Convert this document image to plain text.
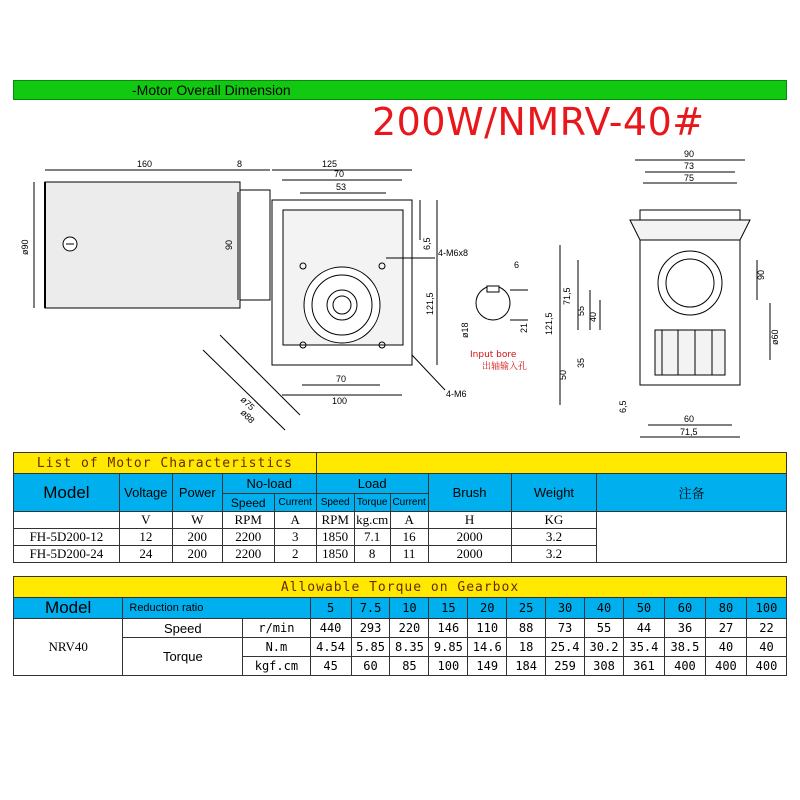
-Motor Overall Dimension
200W/NMRV-40#
160	8	125
70
53
ø90	90	6,5
121,5
4-M6x8
ø75
ø88
70
100
4-M6
6
ø18	21
90
73
75
90
71,5
121,5
55
40
ø60
35
50
6,5
60
71,5
Input bore
出轴输入孔
List of Motor Characteristics										
Model	Voltage	Power	No-load		Load			Brush	Weight	注备
			Speed	Current	Speed	Torque	Current			
	V	W	RPM	A	RPM	kg.cm	A	H	KG	
FH-5D200-12	12	200	2200	3	1850	7.1	16	2000	3.2	
FH-5D200-24	24	200	2200	2	1850	8	11	2000	3.2	
Allowable Torque on Gearbox														
Model	Reduction ratio		5	7.5	10	15	20	25	30	40	50	60	80	100
NRV40	Speed	r/min	440	293	220	146	110	88	73	55	44	36	27	22
	Torque	N.m	4.54	5.85	8.35	9.85	14.6	18	25.4	30.2	35.4	38.5	40	40
		kgf.cm	45	60	85	100	149	184	259	308	361	400	400	400
